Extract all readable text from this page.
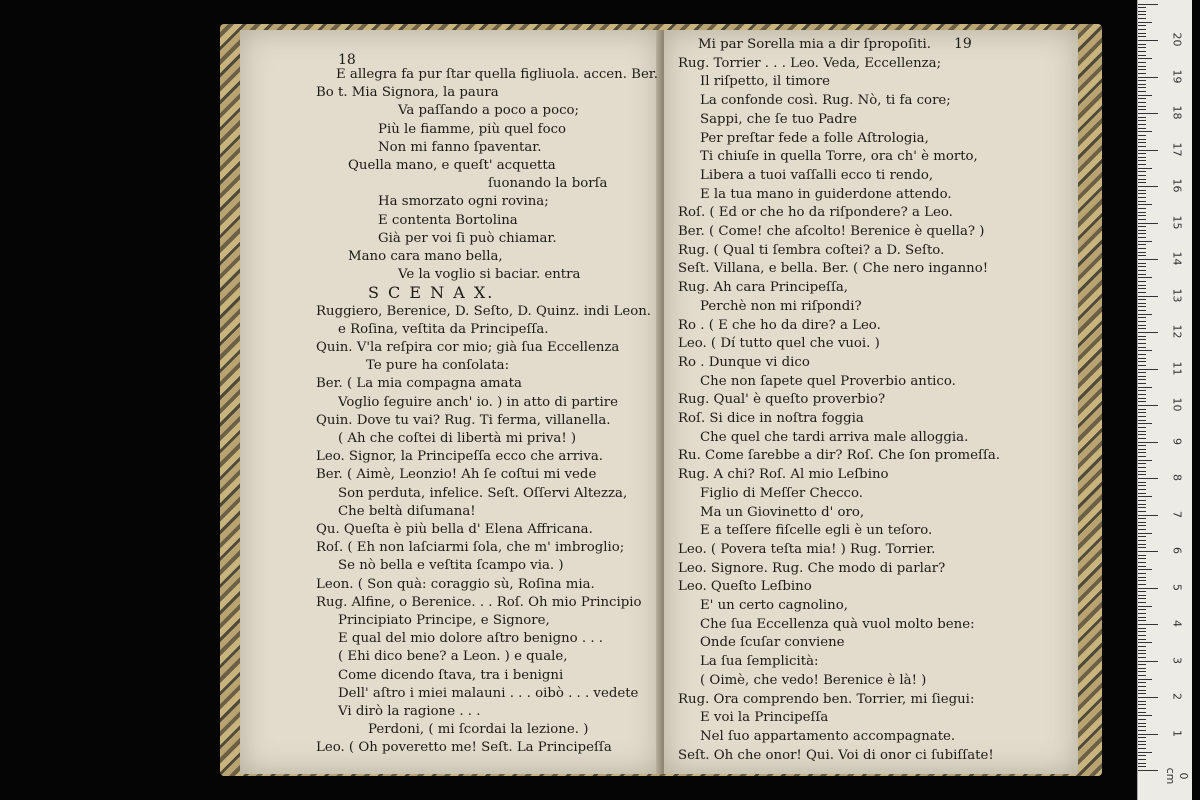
18
19
E allegra fa pur ſtar quella figliuola. accen. Ber.
Bo t. Mia Signora, la paura
Va paſſando a poco a poco;
Più le fiamme, più quel foco
Non mi fanno ſpaventar.
Quella mano, e queſt' acquetta
ſuonando la borſa
Ha smorzato ogni rovina;
E contenta Bortolina
Già per voi ſi può chiamar.
Mano cara mano bella,
Ve la voglio si baciar. entra
S C E N A X.
Ruggiero, Berenice, D. Seſto, D. Quinz. indi Leon.
e Roſina, veſtita da Principeſſa.
Quin. V'la reſpira cor mio; già ſua Eccellenza
Te pure ha conſolata:
Ber. ( La mia compagna amata
Voglio ſeguire anch' io. ) in atto di partire
Quin. Dove tu vai? Rug. Ti ferma, villanella.
( Ah che coſtei di libertà mi priva! )
Leo. Signor, la Principeſſa ecco che arriva.
Ber. ( Aimè, Leonzio! Ah ſe coſtui mi vede
Son perduta, infelice. Seſt. Oſſervi Altezza,
Che beltà diſumana!
Qu. Queſta è più bella d' Elena Affricana.
Roſ. ( Eh non laſciarmi ſola, che m' imbroglio;
Se nò bella e veſtita ſcampo via. )
Leon. ( Son quà: coraggio sù, Roſina mia.
Rug. Alfine, o Berenice. . . Roſ. Oh mio Principio
Principiato Principe, e Signore,
E qual del mio dolore aſtro benigno . . .
( Ehi dico bene? a Leon. ) e quale,
Come dicendo ſtava, tra i benigni
Dell' aſtro i miei malauni . . . oibò . . . vedete
Vi dirò la ragione . . .
Perdoni, ( mi ſcordai la lezione. )
Leo. ( Oh poveretto me! Seſt. La Principeſſa
Mi par Sorella mia a dir ſpropoſiti.
Rug. Torrier . . . Leo. Veda, Eccellenza;
Il riſpetto, il timore
La confonde così. Rug. Nò, ti fa core;
Sappi, che ſe tuo Padre
Per preſtar fede a folle Aſtrologia,
Ti chiuſe in quella Torre, ora ch' è morto,
Libera a tuoi vaſſalli ecco ti rendo,
E la tua mano in guiderdone attendo.
Roſ. ( Ed or che ho da riſpondere? a Leo.
Ber. ( Come! che aſcolto! Berenice è quella? )
Rug. ( Qual ti ſembra coſtei? a D. Seſto.
Seſt. Villana, e bella. Ber. ( Che nero inganno!
Rug. Ah cara Principeſſa,
Perchè non mi riſpondi?
Ro . ( E che ho da dire? a Leo.
Leo. ( Dí tutto quel che vuoi. )
Ro . Dunque vi dico
Che non ſapete quel Proverbio antico.
Rug. Qual' è queſto proverbio?
Roſ. Si dice in noſtra foggia
Che quel che tardi arriva male alloggia.
Ru. Come ſarebbe a dir? Roſ. Che ſon promeſſa.
Rug. A chi? Roſ. Al mio Leſbino
Figlio di Meſſer Checco.
Ma un Giovinetto d' oro,
E a teſſere fiſcelle egli è un teſoro.
Leo. ( Povera teſta mia! ) Rug. Torrier.
Leo. Signore. Rug. Che modo di parlar?
Leo. Queſto Leſbino
E' un certo cagnolino,
Che ſua Eccellenza quà vuol molto bene:
Onde ſcuſar conviene
La ſua ſemplicità:
( Oimè, che vedo! Berenice è là! )
Rug. Ora comprendo ben. Torrier, mi ſiegui:
E voi la Principeſſa
Nel ſuo appartamento accompagnate.
Seſt. Oh che onor! Qui. Voi di onor ci ſubiſſate!
0 cm
1
2
3
4
5
6
7
8
9
10
11
12
13
14
15
16
17
18
19
20
